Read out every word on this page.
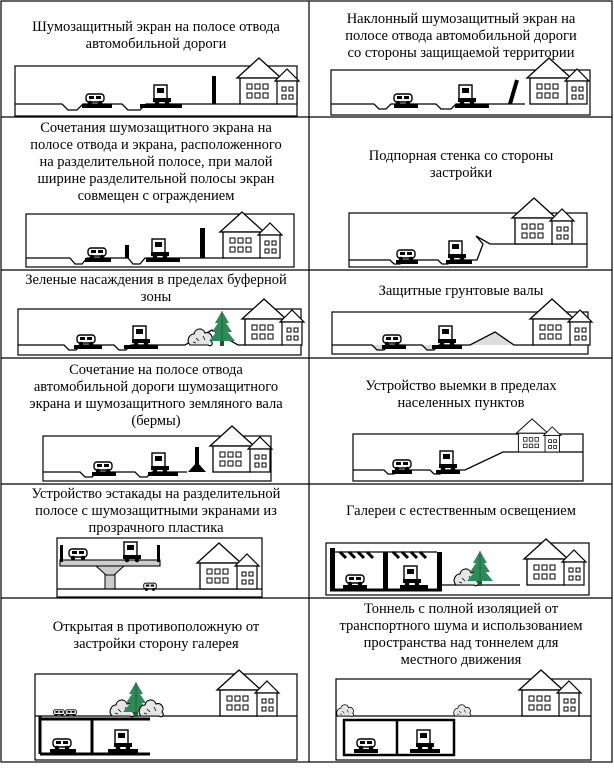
Шумозащитный экран на полосе отвода
автомобильной дороги
Наклонный шумозащитный экран на
полосе отвода автомобильной дороги
со стороны защищаемой территории
Сочетания шумозащитного экрана на
полосе отвода и экрана, расположенного
на разделительной полосе, при малой
ширине разделительной полосы экран
совмещен с ограждением
Подпорная стенка со стороны
застройки
Зеленые насаждения в пределах буферной
зоны	Защитные грунтовые валы
Сочетание на полосе отвода
автомобильной дороги шумозащитного
экрана и шумозащитного земляного вала
(бермы)
Устройство выемки в пределах
населенных пунктов
Устройство эстакады на разделительной
полосе с шумозащитными экранами из
прозрачного пластика
Галереи с естественным освещением
Открытая в противоположную от
застройки сторону галерея
Тоннель с полной изоляцией от
транспортного шума и использованием
пространства над тоннелем для
местного движения
